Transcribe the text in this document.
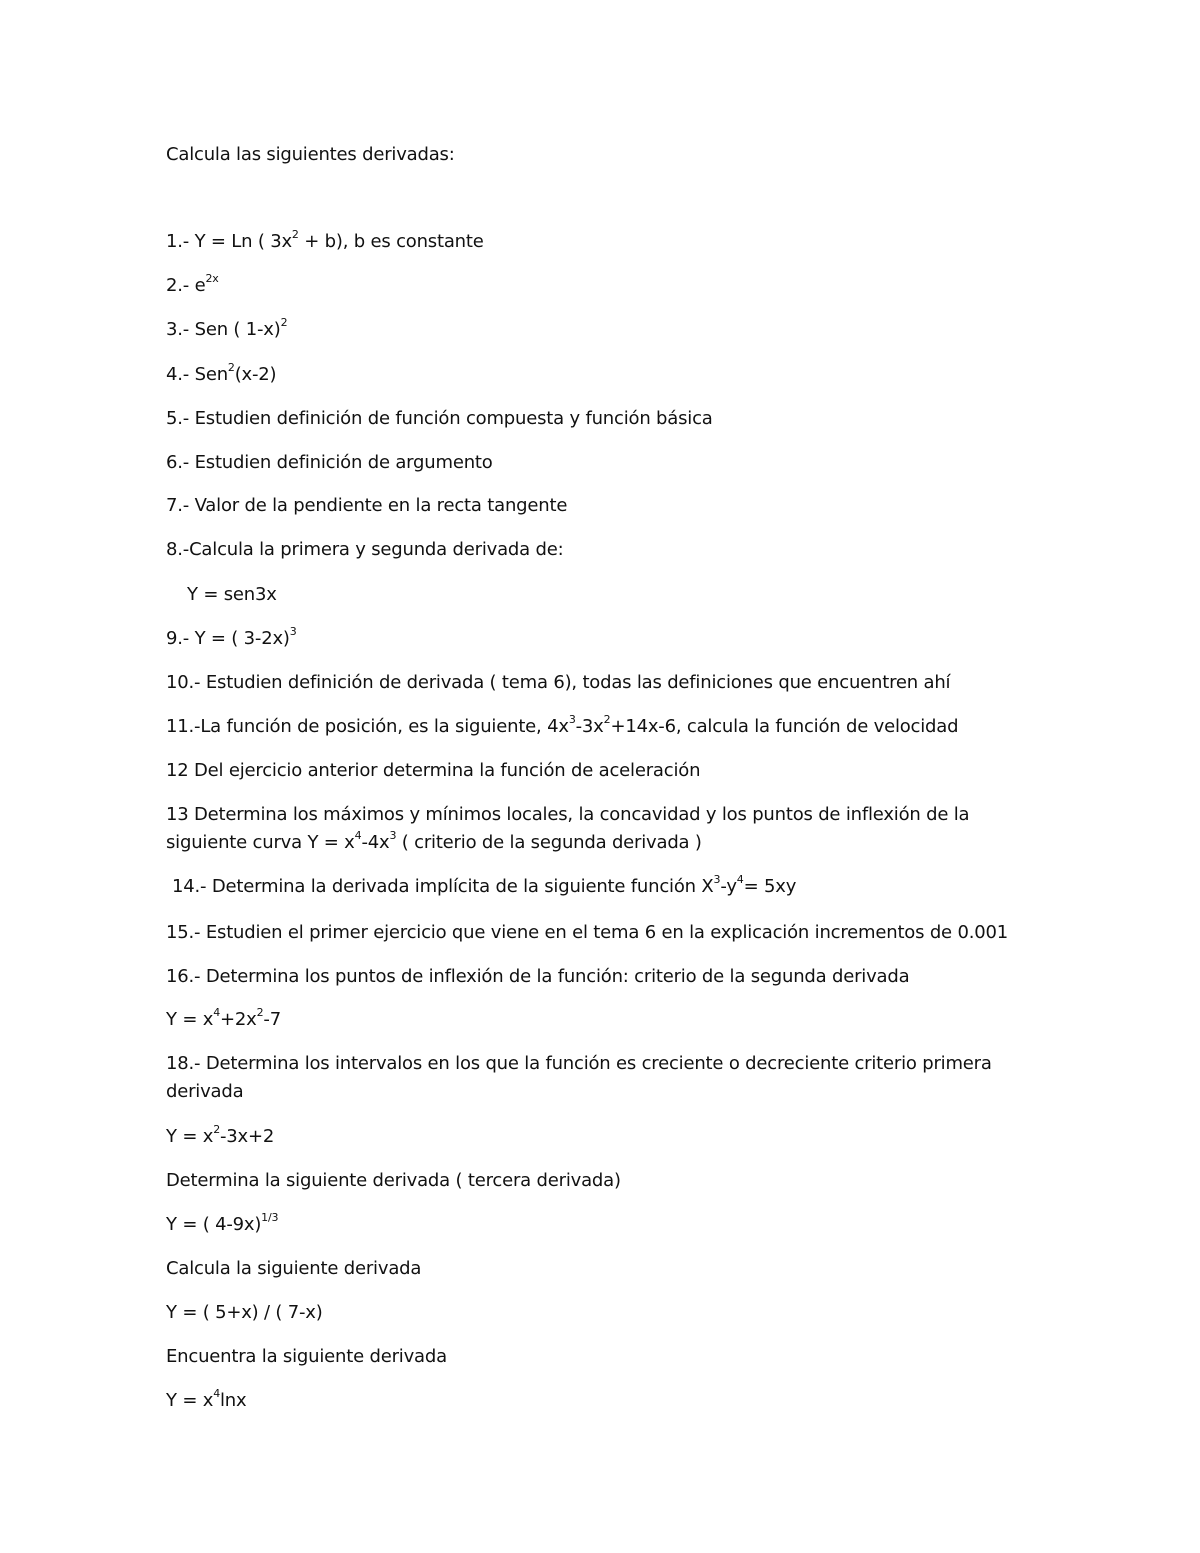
Calcula las siguientes derivadas:
1.- Y = Ln ( $3x^2 + b$), b es constante
2.- $e^{2x}$
3.- Sen ( 1-x)$^2$
4.- Sen$^2$(x-2)
5.- Estudien definición de función compuesta y función básica
6.- Estudien definición de argumento
7.- Valor de la pendiente en la recta tangente
8.-Calcula la primera y segunda derivada de:
Y = sen3x
9.- Y = ( 3-2x)$^3$
10.- Estudien definición de derivada ( tema 6), todas las definiciones que encuentren ahí
11.-La función de posición, es la siguiente, $4x^3-3x^2+14x-6$, calcula la función de velocidad
12 Del ejercicio anterior determina la función de aceleración
13 Determina los máximos y mínimos locales, la concavidad y los puntos de inflexión de la
siguiente curva $Y = x^4-4x^3$ ( criterio de la segunda derivada )
14.- Determina la derivada implícita de la siguiente función $X^3-y^4= 5xy$
15.- Estudien el primer ejercicio que viene en el tema 6 en la explicación incrementos de 0.001
16.- Determina los puntos de inflexión de la función: criterio de la segunda derivada
$Y = x^4+2x^2-7$
18.- Determina los intervalos en los que la función es creciente o decreciente criterio primera
derivada
$Y = x^2-3x+2$
Determina la siguiente derivada ( tercera derivada)
Y = ( 4-9x)$^{1/3}$
Calcula la siguiente derivada
Y = ( 5+x) / ( 7-x)
Encuentra la siguiente derivada
$Y = x^4\ln x$
